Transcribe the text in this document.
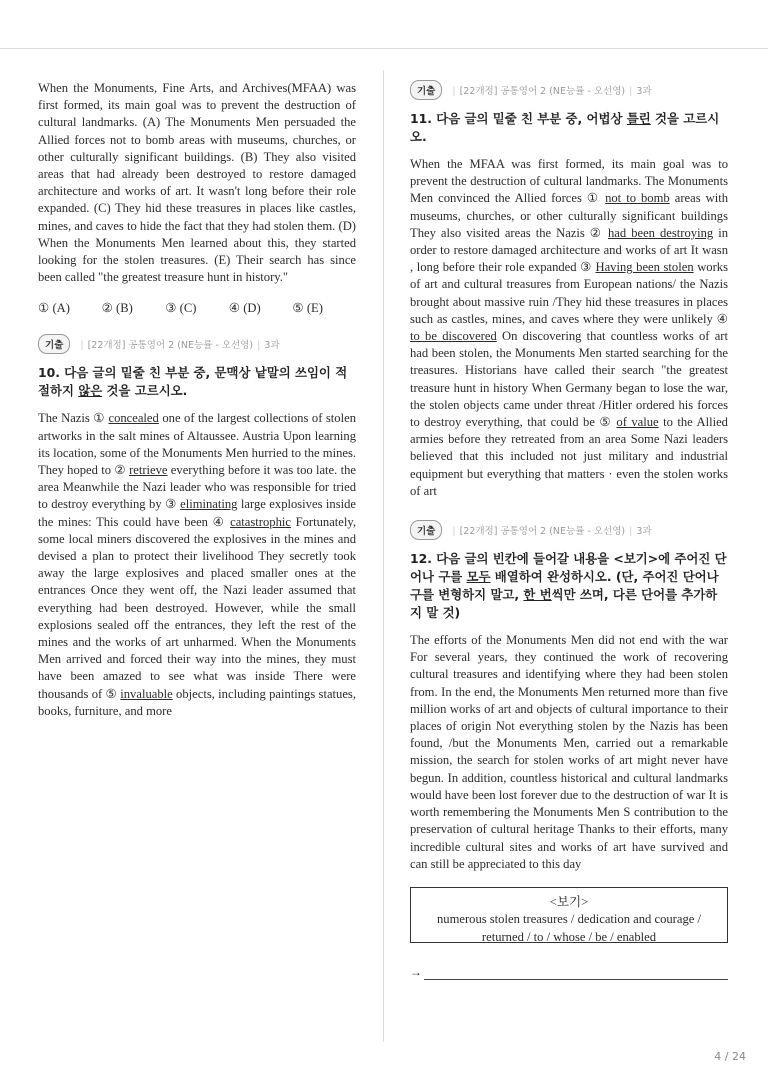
When the Monuments, Fine Arts, and Archives(MFAA) was first formed, its main goal was to prevent the destruction of cultural landmarks. (A) The Monuments Men persuaded the Allied forces not to bomb areas with museums, churches, or other culturally significant buildings. (B) They also visited areas that had already been destroyed to restore damaged architecture and works of art. It wasn't long before their role expanded. (C) They hid these treasures in places like castles, mines, and caves to hide the fact that they had stolen them. (D) When the Monuments Men learned about this, they started looking for the stolen treasures. (E) Their search has since been called "the greatest treasure hunt in history."

① (A)	② (B)	③ (C)	④ (D)	⑤ (E)
기출	| [22개정] 공통영어 2 (NE능률 - 오선영) | 3과
10. 다음 글의 밑줄 친 부분 중, 문맥상 낱말의 쓰임이 적절하지 않은 것을 고르시오.

The Nazis ① concealed one of the largest collections of stolen artworks in the salt mines of Altaussee. Austria Upon learning its location, some of the Monuments Men hurried to the mines. They hoped to ② retrieve everything before it was too late. the area Meanwhile the Nazi leader who was responsible for tried to destroy everything by ③ eliminating large explosives inside the mines: This could have been ④ catastrophic Fortunately, some local miners discovered the explosives in the mines and devised a plan to protect their livelihood They secretly took away the large explosives and placed smaller ones at the entrances Once they went off, the Nazi leader assumed that everything had been destroyed. However, while the small explosions sealed off the entrances, they left the rest of the mines and the works of art unharmed. When the Monuments Men arrived and forced their way into the mines, they must have been amazed to see what was inside There were thousands of ⑤ invaluable objects, including paintings statues, books, furniture, and more

기출	| [22개정] 공통영어 2 (NE능률 - 오선영) | 3과
11. 다음 글의 밑줄 친 부분 중, 어법상 틀린 것을 고르시오.

When the MFAA was first formed, its main goal was to prevent the destruction of cultural landmarks. The Monuments Men convinced the Allied forces ① not to bomb areas with museums, churches, or other culturally significant buildings They also visited areas the Nazis ② had been destroying in order to restore damaged architecture and works of art It wasn , long before their role expanded ③ Having been stolen works of art and cultural treasures from European nations/ the Nazis brought about massive ruin /They hid these treasures in places such as castles, mines, and caves where they were unlikely ④ to be discovered On discovering that countless works of art had been stolen, the Monuments Men started searching for the treasures. Historians have called their search "the greatest treasure hunt in history When Germany began to lose the war, the stolen objects came under threat /Hitler ordered his forces to destroy everything, that could be ⑤ of value to the Allied armies before they retreated from an area Some Nazi leaders believed that this included not just military and industrial equipment but everything that matters · even the stolen works of art

기출	| [22개정] 공통영어 2 (NE능률 - 오선영) | 3과
12. 다음 글의 빈칸에 들어갈 내용을 <보기>에 주어진 단어나 구를 모두 배열하여 완성하시오. (단, 주어진 단어나 구를 변형하지 말고, 한 번씩만 쓰며, 다른 단어를 추가하지 말 것)

The efforts of the Monuments Men did not end with the war For several years, they continued the work of recovering cultural treasures and identifying where they had been stolen from. In the end, the Monuments Men returned more than five million works of art and objects of cultural importance to their places of origin Not everything stolen by the Nazis has been found, /but the Monuments Men, carried out a remarkable mission, the search for stolen works of art might never have begun. In addition, countless historical and cultural landmarks would have been lost forever due to the destruction of war It is worth remembering the Monuments Men S contribution to the preservation of cultural heritage Thanks to their efforts, many incredible cultural sites and works of art have survived and can still be appreciated to this day

<보기>
numerous stolen treasures / dedication and courage /
returned / to / whose / be / enabled
→
4 / 24
